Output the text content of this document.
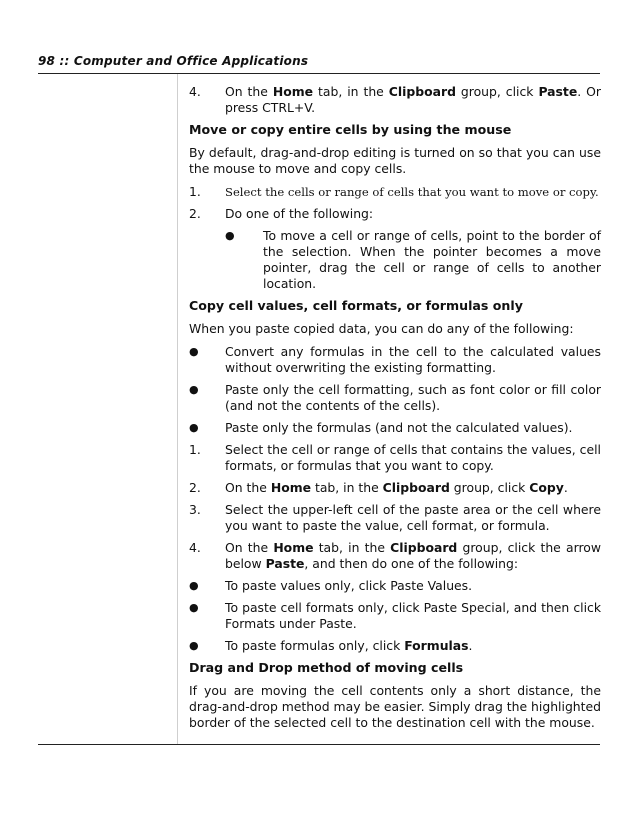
98 :: Computer and Office Applications
4.	On the Home tab, in the Clipboard group, click Paste. Or press CTRL+V.
Move or copy entire cells by using the mouse
By default, drag-and-drop editing is turned on so that you can use the mouse to move and copy cells.
1.	Select the cells or range of cells that you want to move or copy.
2.	Do one of the following:
●	To move a cell or range of cells, point to the border of the selection. When the pointer becomes a move pointer, drag the cell or range of cells to another location.
Copy cell values, cell formats, or formulas only
When you paste copied data, you can do any of the following:
●	Convert any formulas in the cell to the calculated values without overwriting the existing formatting.
●	Paste only the cell formatting, such as font color or fill color (and not the contents of the cells).
●	Paste only the formulas (and not the calculated values).
1.	Select the cell or range of cells that contains the values, cell formats, or formulas that you want to copy.
2.	On the Home tab, in the Clipboard group, click Copy.
3.	Select the upper-left cell of the paste area or the cell where you want to paste the value, cell format, or formula.
4.	On the Home tab, in the Clipboard group, click the arrow below Paste, and then do one of the following:
●	To paste values only, click Paste Values.
●	To paste cell formats only, click Paste Special, and then click Formats under Paste.
●	To paste formulas only, click Formulas.
Drag and Drop method of moving cells
If you are moving the cell contents only a short distance, the drag-and-drop method may be easier. Simply drag the highlighted border of the selected cell to the destination cell with the mouse.
